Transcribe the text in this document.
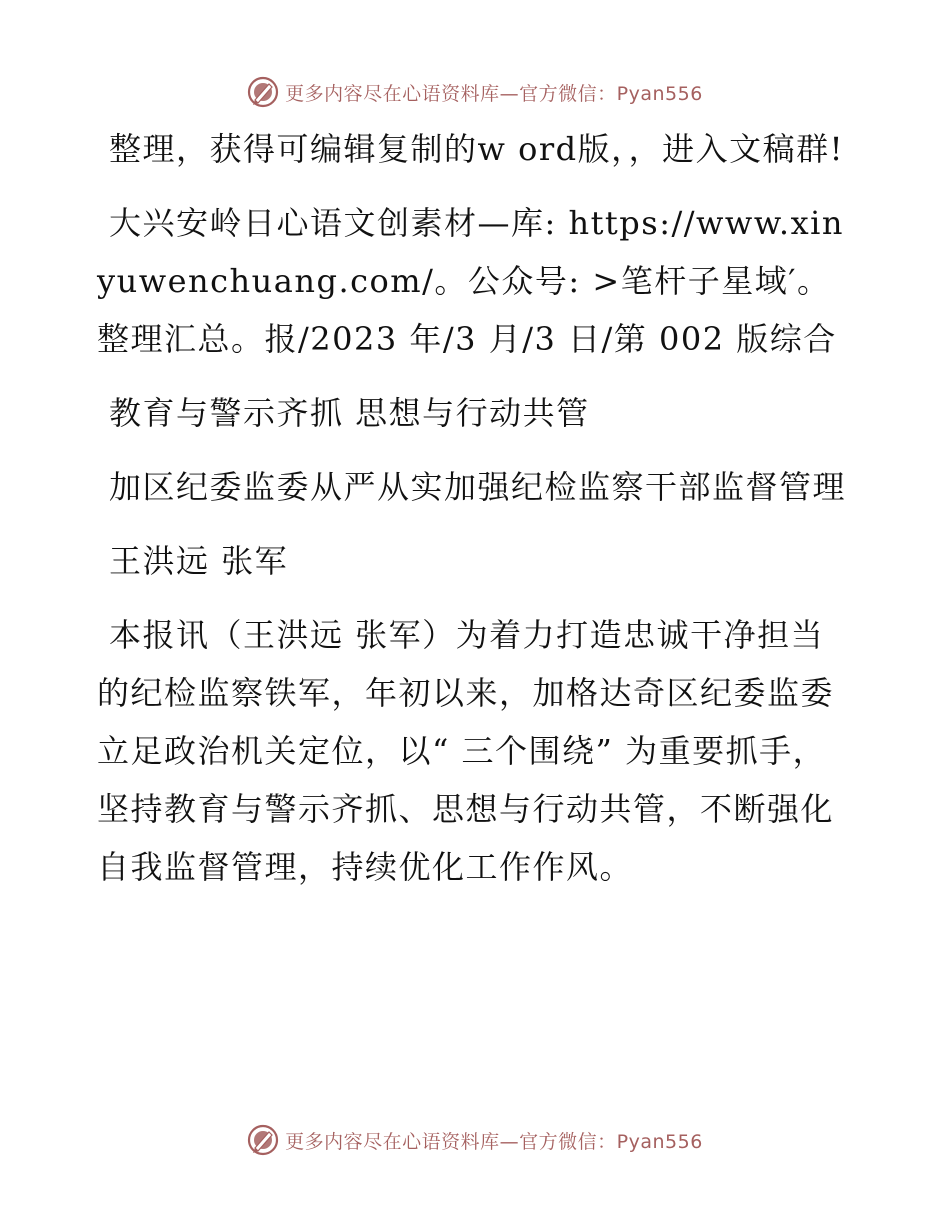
更多内容尽在心语资料库—官方微信：Pyan556

整理，获得可编辑复制的w ord版，，进入文稿群!

大兴安岭日心语文创素材—库: https://www.xinyuwenchuang.com/。公众号: >笔杆子星域′。整理汇总。报/2023 年/3 月/3 日/第 002 版综合

教育与警示齐抓 思想与行动共管

加区纪委监委从严从实加强纪检监察干部监督管理

王洪远 张军

本报讯（王洪远 张军）为着力打造忠诚干净担当的纪检监察铁军，年初以来，加格达奇区纪委监委立足政治机关定位，以“ 三个围绕” 为重要抓手，坚持教育与警示齐抓、思想与行动共管，不断强化自我监督管理，持续优化工作作风。

更多内容尽在心语资料库—官方微信：Pyan556
